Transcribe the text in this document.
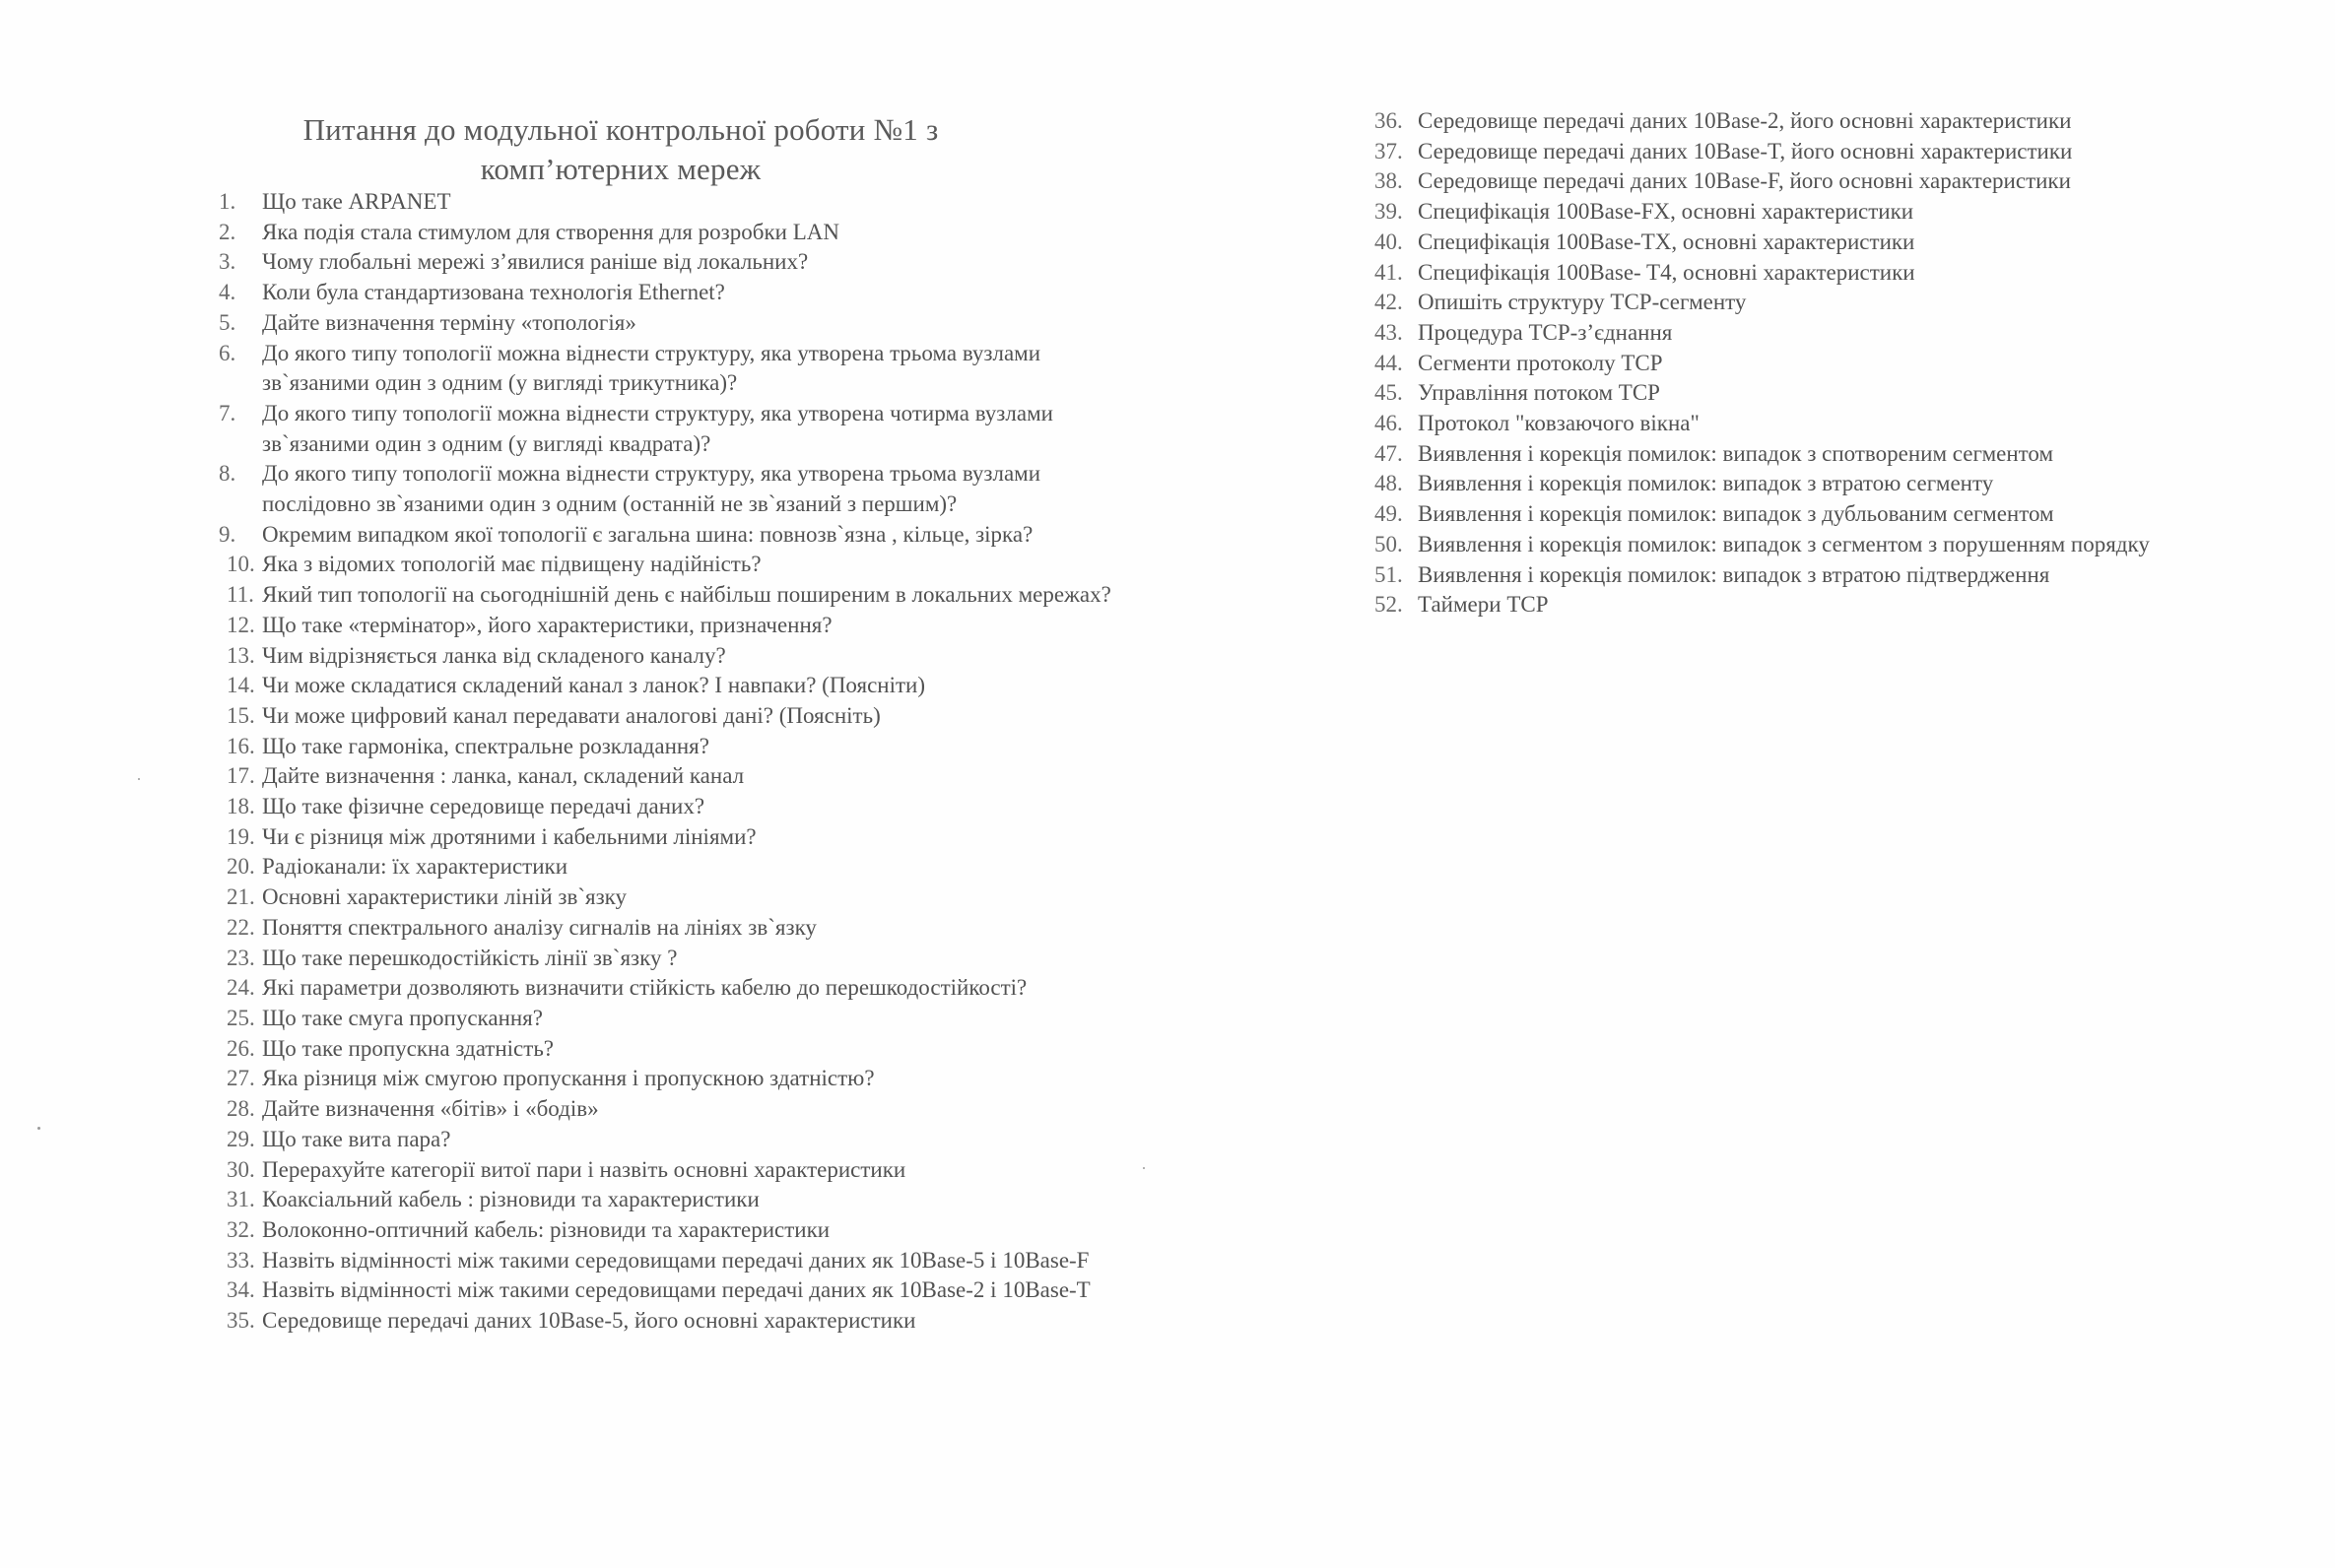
Питання до модульної контрольної роботи №1 з
комп’ютерних мереж
1.	Що таке ARPANET
2.	Яка подія стала стимулом для створення для розробки LAN
3.	Чому глобальні мережі з’явилися раніше від локальних?
4.	Коли була стандартизована технологія Ethernet?
5.	Дайте визначення терміну «топологія»
6.	До якого типу топології можна віднести структуру, яка утворена трьома вузлами зв`язаними один з одним (у вигляді трикутника)?
7.	До якого типу топології можна віднести структуру, яка утворена чотирма вузлами зв`язаними один з одним (у вигляді квадрата)?
8.	До якого типу топології можна віднести структуру, яка утворена трьома вузлами послідовно зв`язаними один з одним (останній не зв`язаний з першим)?
9.	Окремим випадком якої топології є загальна шина: повнозв`язна , кільце, зірка?
10. Яка з відомих топологій має підвищену надійність?
11. Який тип топології на сьогоднішній день є найбільш поширеним в локальних мережах?
12. Що таке «термінатор», його характеристики, призначення?
13. Чим відрізняється ланка від складеного каналу?
14. Чи може складатися складений канал з ланок? І навпаки? (Поясніти)
15. Чи може цифровий канал передавати аналогові дані? (Поясніть)
16. Що таке гармоніка, спектральне розкладання?
17. Дайте визначення : ланка, канал, складений канал
18. Що таке фізичне середовище передачі даних?
19. Чи є різниця між дротяними і кабельними лініями?
20. Радіоканали: їх характеристики
21. Основні характеристики ліній зв`язку
22. Поняття спектрального аналізу сигналів на лініях зв`язку
23. Що таке перешкодостійкість лінії зв`язку ?
24. Які параметри дозволяють визначити стійкість кабелю до перешкодостійкості?
25. Що таке смуга пропускання?
26. Що таке пропускна здатність?
27. Яка різниця між смугою пропускання і пропускною здатністю?
28. Дайте визначення «бітів» і «бодів»
29. Що таке вита пара?
30. Перерахуйте категорії витої пари і назвіть основні характеристики
31. Коаксіальний кабель : різновиди та характеристики
32. Волоконно-оптичний кабель: різновиди та характеристики
33. Назвіть відмінності між такими середовищами передачі даних як 10Base-5 і 10Base-F
34. Назвіть відмінності між такими середовищами передачі даних як 10Base-2 і 10Base-T
35. Середовище передачі даних 10Base-5, його основні характеристики
36. Середовище передачі даних 10Base-2, його основні характеристики
37. Середовище передачі даних 10Base-T, його основні характеристики
38. Середовище передачі даних 10Base-F, його основні характеристики
39. Специфікація 100Base-FX, основні характеристики
40. Специфікація 100Base-TX, основні характеристики
41. Специфікація 100Base- T4, основні характеристики
42. Опишіть структуру TCP-сегменту
43. Процедура TCP-з’єднання
44. Сегменти протоколу TCP
45. Управління потоком TCP
46. Протокол "ковзаючого вікна"
47. Виявлення і корекція помилок: випадок з спотвореним сегментом
48. Виявлення і корекція помилок: випадок з втратою сегменту
49. Виявлення і корекція помилок: випадок з дубльованим сегментом
50. Виявлення і корекція помилок: випадок з сегментом з порушенням порядку
51. Виявлення і корекція помилок: випадок з втратою підтвердження
52. Таймери TCP
